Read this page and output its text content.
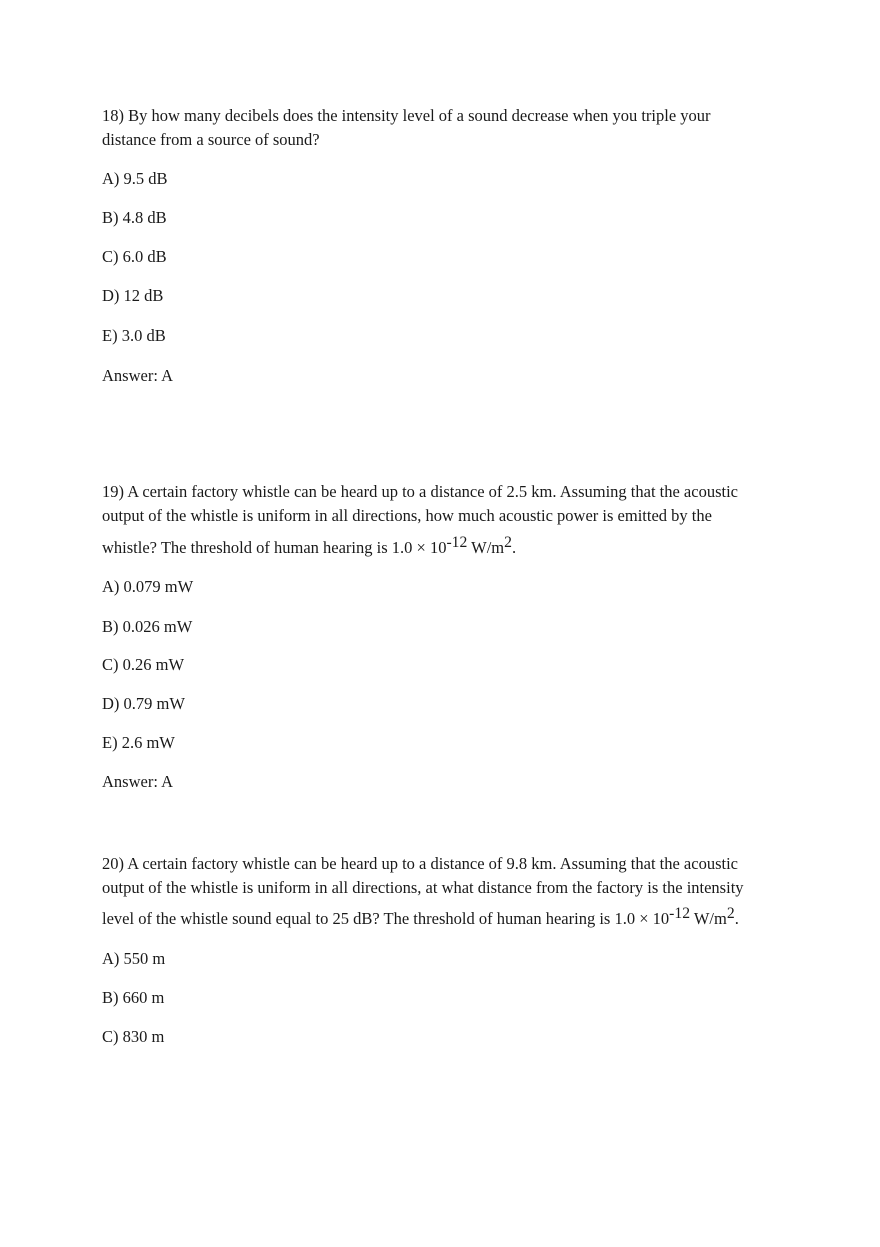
18) By how many decibels does the intensity level of a sound decrease when you triple your
distance from a source of sound?
A) 9.5 dB
B) 4.8 dB
C) 6.0 dB
D) 12 dB
E) 3.0 dB
Answer: A
19) A certain factory whistle can be heard up to a distance of 2.5 km. Assuming that the acoustic
output of the whistle is uniform in all directions, how much acoustic power is emitted by the
whistle? The threshold of human hearing is $1.0 \times 10^{-12}$ $W/m^2$.
A) 0.079 mW
B) 0.026 mW
C) 0.26 mW
D) 0.79 mW
E) 2.6 mW
Answer: A
20) A certain factory whistle can be heard up to a distance of 9.8 km. Assuming that the acoustic
output of the whistle is uniform in all directions, at what distance from the factory is the intensity
level of the whistle sound equal to 25 dB? The threshold of human hearing is $1.0 \times 10^{-12}$ $W/m^2$.
A) 550 m
B) 660 m
C) 830 m
